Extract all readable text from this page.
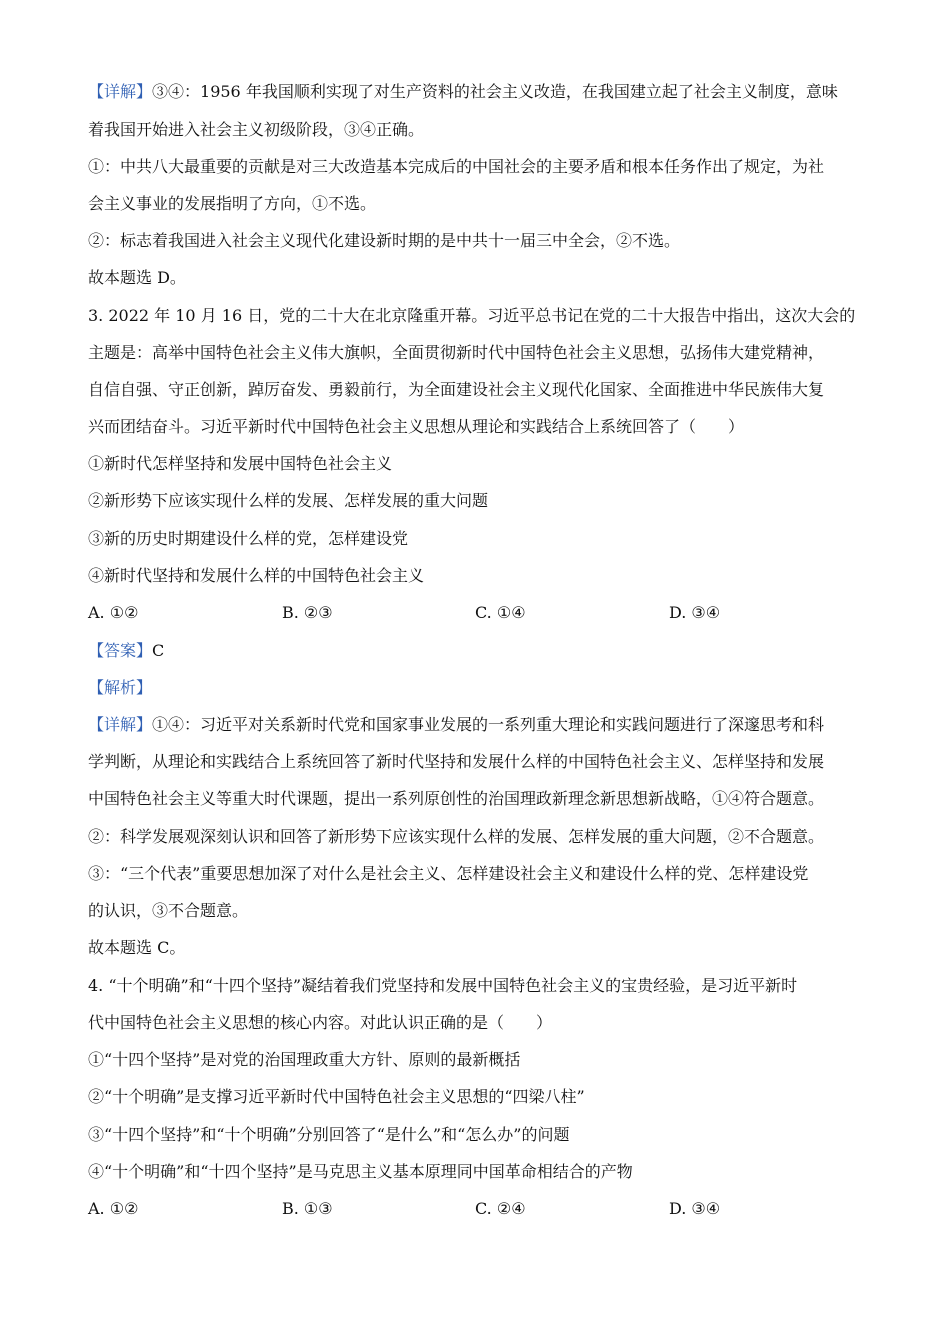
【详解】③④：1956 年我国顺利实现了对生产资料的社会主义改造，在我国建立起了社会主义制度，意味
着我国开始进入社会主义初级阶段，③④正确。
①：中共八大最重要的贡献是对三大改造基本完成后的中国社会的主要矛盾和根本任务作出了规定，为社
会主义事业的发展指明了方向，①不选。
②：标志着我国进入社会主义现代化建设新时期的是中共十一届三中全会，②不选。
故本题选 D。
3. 2022 年 10 月 16 日，党的二十大在北京隆重开幕。习近平总书记在党的二十大报告中指出，这次大会的
主题是：高举中国特色社会主义伟大旗帜，全面贯彻新时代中国特色社会主义思想，弘扬伟大建党精神，
自信自强、守正创新，踔厉奋发、勇毅前行，为全面建设社会主义现代化国家、全面推进中华民族伟大复
兴而团结奋斗。习近平新时代中国特色社会主义思想从理论和实践结合上系统回答了（　　）
①新时代怎样坚持和发展中国特色社会主义
②新形势下应该实现什么样的发展、怎样发展的重大问题
③新的历史时期建设什么样的党，怎样建设党
④新时代坚持和发展什么样的中国特色社会主义
A. ①②	B. ②③	C. ①④	D. ③④
【答案】C
【解析】
【详解】①④：习近平对关系新时代党和国家事业发展的一系列重大理论和实践问题进行了深邃思考和科
学判断，从理论和实践结合上系统回答了新时代坚持和发展什么样的中国特色社会主义、怎样坚持和发展
中国特色社会主义等重大时代课题，提出一系列原创性的治国理政新理念新思想新战略，①④符合题意。
②：科学发展观深刻认识和回答了新形势下应该实现什么样的发展、怎样发展的重大问题，②不合题意。
③：“三个代表”重要思想加深了对什么是社会主义、怎样建设社会主义和建设什么样的党、怎样建设党
的认识，③不合题意。
故本题选 C。
4. “十个明确”和“十四个坚持”凝结着我们党坚持和发展中国特色社会主义的宝贵经验，是习近平新时
代中国特色社会主义思想的核心内容。对此认识正确的是（　　）
①“十四个坚持”是对党的治国理政重大方针、原则的最新概括
②“十个明确”是支撑习近平新时代中国特色社会主义思想的“四梁八柱”
③“十四个坚持”和“十个明确”分别回答了“是什么”和“怎么办”的问题
④“十个明确”和“十四个坚持”是马克思主义基本原理同中国革命相结合的产物
A. ①②	B. ①③	C. ②④	D. ③④
